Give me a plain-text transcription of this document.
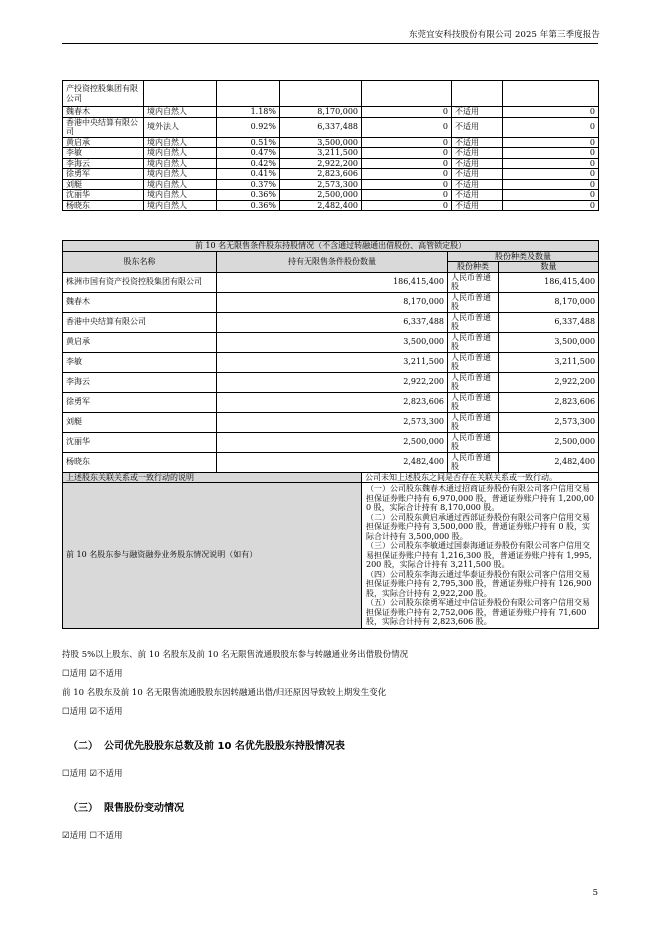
东莞宜安科技股份有限公司 2025 年第三季度报告
产投资控股集团有限公司						
魏春木	境内自然人	1.18%	8,170,000	0	不适用	0
香港中央结算有限公司	境外法人	0.92%	6,337,488	0	不适用	0
黄启承	境内自然人	0.51%	3,500,000	0	不适用	0
李敏	境内自然人	0.47%	3,211,500	0	不适用	0
李海云	境内自然人	0.42%	2,922,200	0	不适用	0
徐勇军	境内自然人	0.41%	2,823,606	0	不适用	0
刘艇	境内自然人	0.37%	2,573,300	0	不适用	0
沈丽华	境内自然人	0.36%	2,500,000	0	不适用	0
杨晓东	境内自然人	0.36%	2,482,400	0	不适用	0
前 10 名无限售条件股东持股情况（不含通过转融通出借股份、高管锁定股）				
股东名称	持有无限售条件股份数量		股份种类及数量	
			股份种类	数量
株洲市国有资产投资控股集团有限公司	186,415,400		人民币普通股	186,415,400
魏春木	8,170,000		人民币普通股	8,170,000
香港中央结算有限公司	6,337,488		人民币普通股	6,337,488
黄启承	3,500,000		人民币普通股	3,500,000
李敏	3,211,500		人民币普通股	3,211,500
李海云	2,922,200		人民币普通股	2,922,200
徐勇军	2,823,606		人民币普通股	2,823,606
刘艇	2,573,300		人民币普通股	2,573,300
沈丽华	2,500,000		人民币普通股	2,500,000
杨晓东	2,482,400		人民币普通股	2,482,400
上述股东关联关系或一致行动的说明		公司未知上述股东之间是否存在关联关系或一致行动。		
前 10 名股东参与融资融券业务股东情况说明（如有）		（一）公司股东魏春木通过招商证券股份有限公司客户信用交易担保证券账户持有 6,970,000 股，普通证券账户持有 1,200,000 股，实际合计持有 8,170,000 股。
（二）公司股东黄启承通过西部证券股份有限公司客户信用交易担保证券账户持有 3,500,000 股，普通证券账户持有 0 股，实际合计持有 3,500,000 股。
（三）公司股东李敏通过国泰海通证券股份有限公司客户信用交易担保证券账户持有 1,216,300 股，普通证券账户持有 1,995,200 股，实际合计持有 3,211,500 股。
（四）公司股东李海云通过华泰证券股份有限公司客户信用交易担保证券账户持有 2,795,300 股，普通证券账户持有 126,900 股，实际合计持有 2,922,200 股。
（五）公司股东徐勇军通过中信证券股份有限公司客户信用交易担保证券账户持有 2,752,006 股，普通证券账户持有 71,600 股，实际合计持有 2,823,606 股。		
持股 5%以上股东、前 10 名股东及前 10 名无限售流通股股东参与转融通业务出借股份情况
☐适用 ☑不适用
前 10 名股东及前 10 名无限售流通股股东因转融通出借/归还原因导致较上期发生变化
☐适用 ☑不适用
（二） 公司优先股股东总数及前 10 名优先股股东持股情况表
☐适用 ☑不适用
（三） 限售股份变动情况
☑适用 ☐不适用
5
